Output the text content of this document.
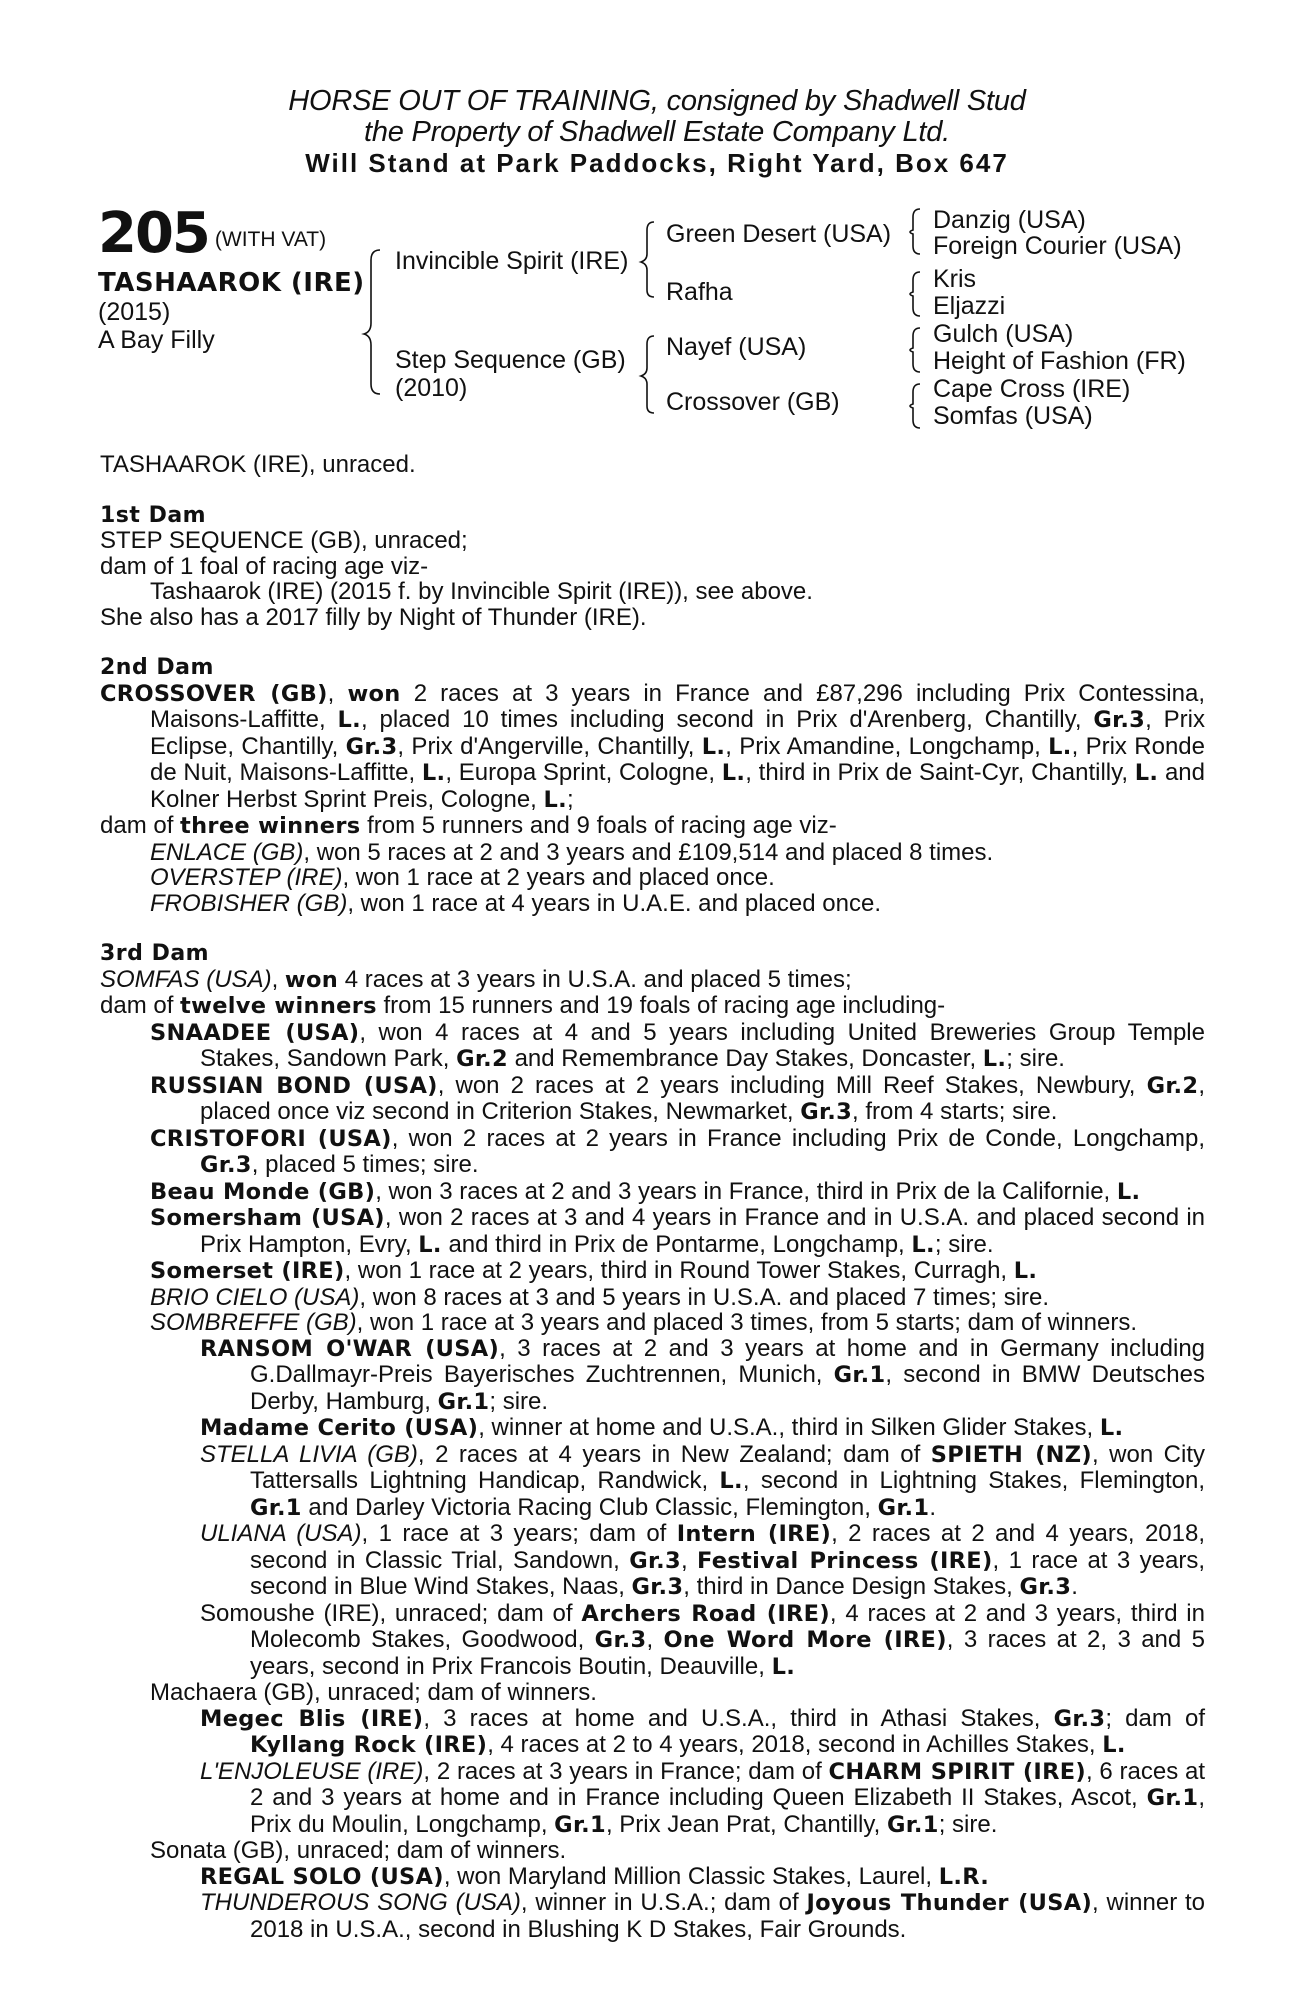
HORSE OUT OF TRAINING, consigned by Shadwell Stud
the Property of Shadwell Estate Company Ltd.
Will Stand at Park Paddocks, Right Yard, Box 647
205 (WITH VAT)
TASHAAROK (IRE)
(2015)
A Bay Filly
Invincible Spirit (IRE)
Step Sequence (GB)
(2010)
Green Desert (USA)
Rafha
Nayef (USA)
Crossover (GB)
Danzig (USA)
Foreign Courier (USA)
Kris
Eljazzi
Gulch (USA)
Height of Fashion (FR)
Cape Cross (IRE)
Somfas (USA)

TASHAAROK (IRE), unraced.

1st Dam

STEP SEQUENCE (GB), unraced;

dam of 1 foal of racing age viz-

Tashaarok (IRE) (2015 f. by Invincible Spirit (IRE)), see above.

She also has a 2017 filly by Night of Thunder (IRE).

2nd Dam

CROSSOVER (GB), won 2 races at 3 years in France and £87,296 including Prix Contessina, Maisons-Laffitte, L., placed 10 times including second in Prix d'Arenberg, Chantilly, Gr.3, Prix Eclipse, Chantilly, Gr.3, Prix d'Angerville, Chantilly, L., Prix Amandine, Longchamp, L., Prix Ronde de Nuit, Maisons-Laffitte, L., Europa Sprint, Cologne, L., third in Prix de Saint-Cyr, Chantilly, L. and Kolner Herbst Sprint Preis, Cologne, L.;

dam of three winners from 5 runners and 9 foals of racing age viz-

ENLACE (GB), won 5 races at 2 and 3 years and £109,514 and placed 8 times.

OVERSTEP (IRE), won 1 race at 2 years and placed once.

FROBISHER (GB), won 1 race at 4 years in U.A.E. and placed once.

3rd Dam

SOMFAS (USA), won 4 races at 3 years in U.S.A. and placed 5 times;

dam of twelve winners from 15 runners and 19 foals of racing age including-

SNAADEE (USA), won 4 races at 4 and 5 years including United Breweries Group Temple Stakes, Sandown Park, Gr.2 and Remembrance Day Stakes, Doncaster, L.; sire.

RUSSIAN BOND (USA), won 2 races at 2 years including Mill Reef Stakes, Newbury, Gr.2, placed once viz second in Criterion Stakes, Newmarket, Gr.3, from 4 starts; sire.

CRISTOFORI (USA), won 2 races at 2 years in France including Prix de Conde, Longchamp, Gr.3, placed 5 times; sire.

Beau Monde (GB), won 3 races at 2 and 3 years in France, third in Prix de la Californie, L.

Somersham (USA), won 2 races at 3 and 4 years in France and in U.S.A. and placed second in Prix Hampton, Evry, L. and third in Prix de Pontarme, Longchamp, L.; sire.

Somerset (IRE), won 1 race at 2 years, third in Round Tower Stakes, Curragh, L.

BRIO CIELO (USA), won 8 races at 3 and 5 years in U.S.A. and placed 7 times; sire.

SOMBREFFE (GB), won 1 race at 3 years and placed 3 times, from 5 starts; dam of winners.

RANSOM O'WAR (USA), 3 races at 2 and 3 years at home and in Germany including G.Dallmayr-Preis Bayerisches Zuchtrennen, Munich, Gr.1, second in BMW Deutsches Derby, Hamburg, Gr.1; sire.

Madame Cerito (USA), winner at home and U.S.A., third in Silken Glider Stakes, L.

STELLA LIVIA (GB), 2 races at 4 years in New Zealand; dam of SPIETH (NZ), won City Tattersalls Lightning Handicap, Randwick, L., second in Lightning Stakes, Flemington, Gr.1 and Darley Victoria Racing Club Classic, Flemington, Gr.1.

ULIANA (USA), 1 race at 3 years; dam of Intern (IRE), 2 races at 2 and 4 years, 2018, second in Classic Trial, Sandown, Gr.3, Festival Princess (IRE), 1 race at 3 years, second in Blue Wind Stakes, Naas, Gr.3, third in Dance Design Stakes, Gr.3.

Somoushe (IRE), unraced; dam of Archers Road (IRE), 4 races at 2 and 3 years, third in Molecomb Stakes, Goodwood, Gr.3, One Word More (IRE), 3 races at 2, 3 and 5 years, second in Prix Francois Boutin, Deauville, L.

Machaera (GB), unraced; dam of winners.

Megec Blis (IRE), 3 races at home and U.S.A., third in Athasi Stakes, Gr.3; dam of Kyllang Rock (IRE), 4 races at 2 to 4 years, 2018, second in Achilles Stakes, L.

L'ENJOLEUSE (IRE), 2 races at 3 years in France; dam of CHARM SPIRIT (IRE), 6 races at 2 and 3 years at home and in France including Queen Elizabeth II Stakes, Ascot, Gr.1, Prix du Moulin, Longchamp, Gr.1, Prix Jean Prat, Chantilly, Gr.1; sire.

Sonata (GB), unraced; dam of winners.

REGAL SOLO (USA), won Maryland Million Classic Stakes, Laurel, L.R.

THUNDEROUS SONG (USA), winner in U.S.A.; dam of Joyous Thunder (USA), winner to 2018 in U.S.A., second in Blushing K D Stakes, Fair Grounds.
